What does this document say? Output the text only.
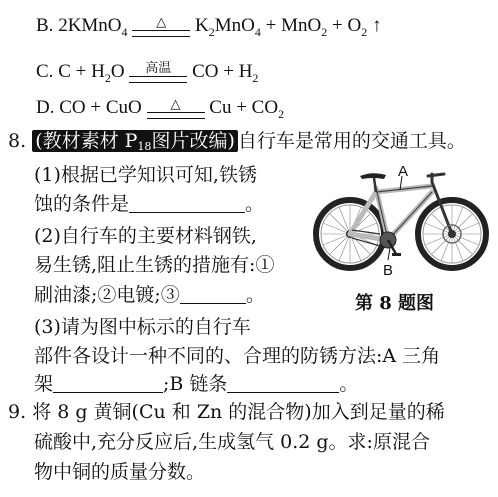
B. 2KMnO$_4$
△	$K_2MnO_4 + MnO_2 + O_2$ ↑
C. $C + H_2O$	高温	CO + $H_2$
D. CO + CuO	△	$Cu + CO_2$
8. (教材素材 $P_{18}$图片改编) 自行车是常用的交通工具。
(1)根据已学知识可知,铁锈
蚀的条件是	。
(2)自行车的主要材料钢铁,
易生锈,阻止生锈的措施有:①
刷油漆;②电镀;③	。
(3)请为图中标示的自行车
部件各设计一种不同的、合理的防锈方法:A 三角
架	;B 链条	。
A
B
第 8 题图
9. 将 8 g 黄铜(Cu 和 Zn 的混合物)加入到足量的稀
硫酸中,充分反应后,生成氢气 0.2 g。求:原混合
物中铜的质量分数。
